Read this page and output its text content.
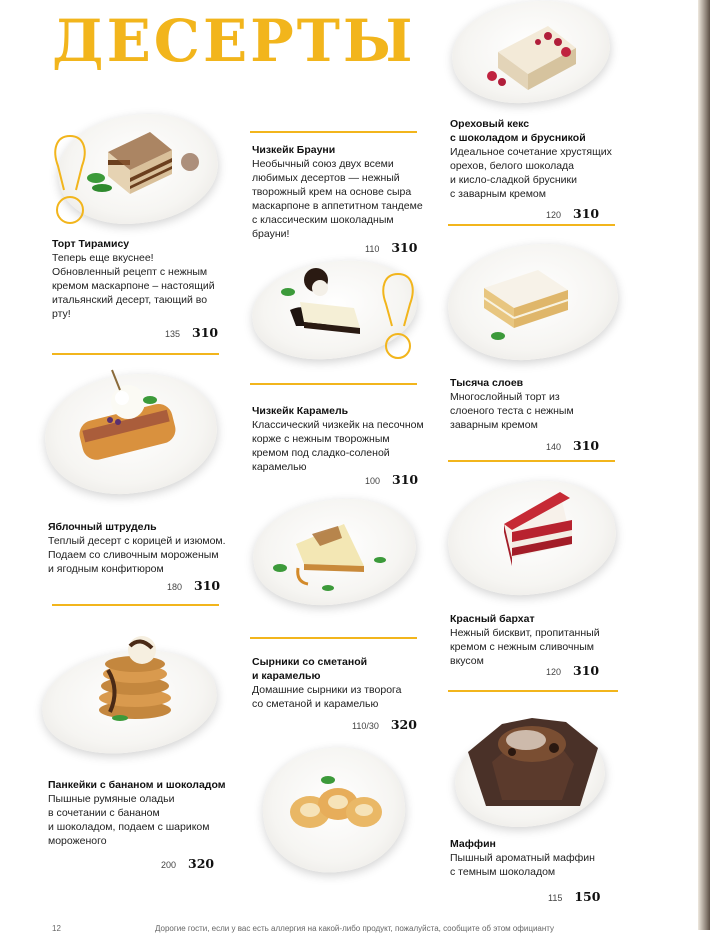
ДЕСЕРТЫ
Торт Тирамису
Теперь еще вкуснее!
Обновленный рецепт с нежным
кремом маскарпоне – настоящий
итальянский десерт, тающий во
рту!
135 310
Яблочный штрудель
Теплый десерт с корицей и изюмом.
Подаем со сливочным мороженым
и ягодным конфитюром
180 310
Панкейки с бананом и шоколадом
Пышные румяные оладьи
в сочетании с бананом
и шоколадом, подаем с шариком
мороженого
200 320
Чизкейк Брауни
Необычный союз двух всеми
любимых десертов — нежный
творожный крем на основе сыра
маскарпоне в аппетитном тандеме
с классическим шоколадным
брауни!
110 310
Чизкейк Карамель
Классический чизкейк на песочном
корже с нежным творожным
кремом под сладко-соленой
карамелью
100 310
Сырники со сметаной
и карамелью
Домашние сырники из творога
со сметаной и карамелью
110/30 320
Ореховый кекс
с шоколадом и брусникой
Идеальное сочетание хрустящих
орехов, белого шоколада
и кисло-сладкой брусники
с заварным кремом
120 310
Тысяча слоев
Многослойный торт из
слоеного теста с нежным
заварным кремом
140 310
Красный бархат
Нежный бисквит, пропитанный
кремом с нежным сливочным
вкусом
120 310
Маффин
Пышный ароматный маффин
с темным шоколадом
115 150
12	Дорогие гости, если у вас есть аллергия на какой-либо продукт, пожалуйста, сообщите об этом официанту
